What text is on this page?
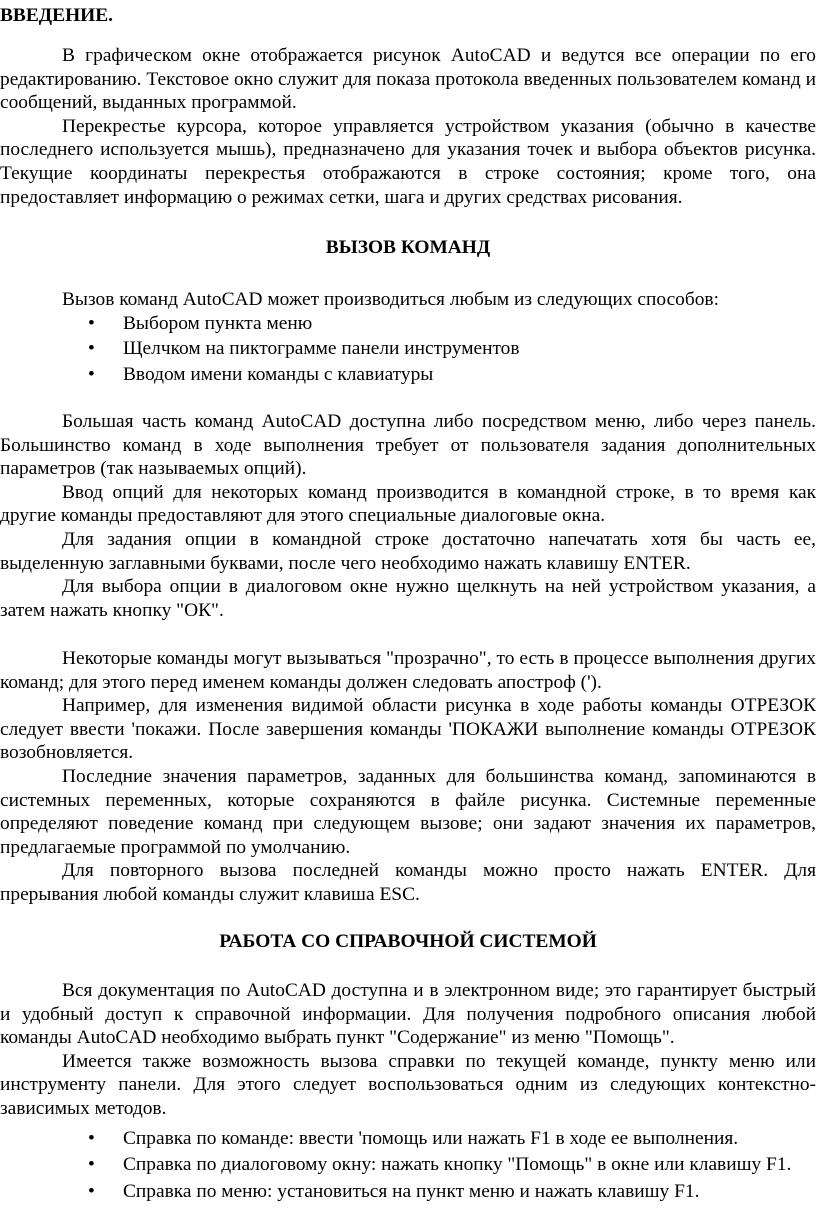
ВВЕДЕНИЕ.

В графическом окне отображается рисунок AutoCAD и ведутся все операции по его редактированию. Текстовое окно служит для показа протокола введенных пользователем команд и сообщений, выданных программой.

Перекрестье курсора, которое управляется устройством указания (обычно в качестве последнего используется мышь), предназначено для указания точек и выбора объектов рисунка. Текущие координаты перекрестья отображаются в строке состояния; кроме того, она предоставляет информацию о режимах сетки, шага и других средствах рисования.

ВЫЗОВ КОМАНД

Вызов команд AutoCAD может производиться любым из следующих способов:

• Выбором пункта меню
• Щелчком на пиктограмме панели инструментов
• Вводом имени команды с клавиатуры

Большая часть команд AutoCAD доступна либо посредством меню, либо через панель. Большинство команд в ходе выполнения требует от пользователя задания дополнительных параметров (так называемых опций).

Ввод опций для некоторых команд производится в командной строке, в то время как другие команды предоставляют для этого специальные диалоговые окна.

Для задания опции в командной строке достаточно напечатать хотя бы часть ее, выделенную заглавными буквами, после чего необходимо нажать клавишу ENTER.

Для выбора опции в диалоговом окне нужно щелкнуть на ней устройством указания, а затем нажать кнопку "ОК".

Некоторые команды могут вызываться "прозрачно", то есть в процессе выполнения других команд; для этого перед именем команды должен следовать апостроф (').

Например, для изменения видимой области рисунка в ходе работы команды ОТРЕЗОК следует ввести 'покажи. После завершения команды 'ПОКАЖИ выполнение команды ОТРЕЗОК возобновляется.

Последние значения параметров, заданных для большинства команд, запоминаются в системных переменных, которые сохраняются в файле рисунка. Системные переменные определяют поведение команд при следующем вызове; они задают значения их параметров, предлагаемые программой по умолчанию.

Для повторного вызова последней команды можно просто нажать ENTER. Для прерывания любой команды служит клавиша ESC.

РАБОТА СО СПРАВОЧНОЙ СИСТЕМОЙ

Вся документация по AutoCAD доступна и в электронном виде; это гарантирует быстрый и удобный доступ к справочной информации. Для получения подробного описания любой команды AutoCAD необходимо выбрать пункт "Содержание" из меню "Помощь".

Имеется также возможность вызова справки по текущей команде, пункту меню или инструменту панели. Для этого следует воспользоваться одним из следующих контекстно-зависимых методов.

• Справка по команде: ввести 'помощь или нажать F1 в ходе ее выполнения.
• Справка по диалоговому окну: нажать кнопку "Помощь" в окне или клавишу F1.
• Справка по меню: установиться на пункт меню и нажать клавишу F1.
